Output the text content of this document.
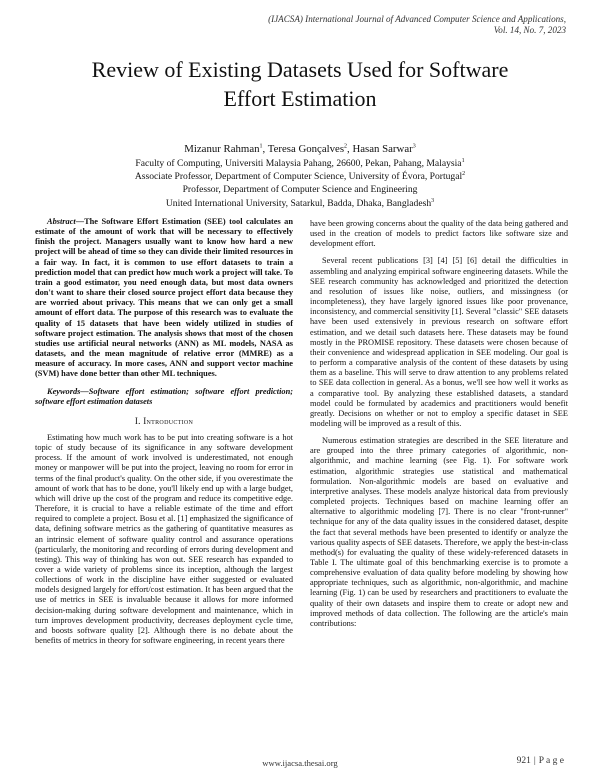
(IJACSA) International Journal of Advanced Computer Science and Applications,
Vol. 14, No. 7, 2023
Review of Existing Datasets Used for Software
Effort Estimation
Mizanur Rahman$^1$, Teresa Gonçalves$^2$, Hasan Sarwar$^3$
Faculty of Computing, Universiti Malaysia Pahang, 26600, Pekan, Pahang, Malaysia$^1$
Associate Professor, Department of Computer Science, University of Évora, Portugal$^2$
Professor, Department of Computer Science and Engineering
United International University, Satarkul, Badda, Dhaka, Bangladesh$^3$

Abstract—The Software Effort Estimation (SEE) tool calculates an estimate of the amount of work that will be necessary to effectively finish the project. Managers usually want to know how hard a new project will be ahead of time so they can divide their limited resources in a fair way. In fact, it is common to use effort datasets to train a prediction model that can predict how much work a project will take. To train a good estimator, you need enough data, but most data owners don't want to share their closed source project effort data because they are worried about privacy. This means that we can only get a small amount of effort data. The purpose of this research was to evaluate the quality of 15 datasets that have been widely utilized in studies of software project estimation. The analysis shows that most of the chosen studies use artificial neural networks (ANN) as ML models, NASA as datasets, and the mean magnitude of relative error (MMRE) as a measure of accuracy. In more cases, ANN and support vector machine (SVM) have done better than other ML techniques.

Keywords—Software effort estimation; software effort prediction; software effort estimation datasets

I. Introduction

Estimating how much work has to be put into creating software is a hot topic of study because of its significance in any software development process. If the amount of work involved is underestimated, not enough money or manpower will be put into the project, leaving no room for error in terms of the final product's quality. On the other side, if you overestimate the amount of work that has to be done, you'll likely end up with a large budget, which will drive up the cost of the program and reduce its competitive edge. Therefore, it is crucial to have a reliable estimate of the time and effort required to complete a project. Bosu et al. [1] emphasized the significance of data, defining software metrics as the gathering of quantitative measures as an intrinsic element of software quality control and assurance operations (particularly, the monitoring and recording of errors during development and testing). This way of thinking has won out. SEE research has expanded to cover a wide variety of problems since its inception, although the largest collections of work in the discipline have either suggested or evaluated models designed largely for effort/cost estimation. It has been argued that the use of metrics in SEE is invaluable because it allows for more informed decision-making during software development and maintenance, which in turn improves development productivity, decreases deployment cycle time, and boosts software quality [2]. Although there is no debate about the benefits of metrics in theory for software engineering, in recent years there

have been growing concerns about the quality of the data being gathered and used in the creation of models to predict factors like software size and development effort.

Several recent publications [3] [4] [5] [6] detail the difficulties in assembling and analyzing empirical software engineering datasets. While the SEE research community has acknowledged and prioritized the detection and resolution of issues like noise, outliers, and missingness (or incompleteness), they have largely ignored issues like poor provenance, inconsistency, and commercial sensitivity [1]. Several "classic" SEE datasets have been used extensively in previous research on software effort estimation, and we detail such datasets here. These datasets may be found mostly in the PROMISE repository. These datasets were chosen because of their convenience and widespread application in SEE modeling. Our goal is to perform a comparative analysis of the content of these datasets by using them as a baseline. This will serve to draw attention to any problems related to SEE data collection in general. As a bonus, we'll see how well it works as a comparative tool. By analyzing these established datasets, a standard model could be formulated by academics and practitioners would benefit greatly. Decisions on whether or not to employ a specific dataset in SEE modeling will be improved as a result of this.

Numerous estimation strategies are described in the SEE literature and are grouped into the three primary categories of algorithmic, non-algorithmic, and machine learning (see Fig. 1). For software work estimation, algorithmic strategies use statistical and mathematical formulation. Non-algorithmic models are based on evaluative and interpretive analyses. These models analyze historical data from previously completed projects. Techniques based on machine learning offer an alternative to algorithmic modeling [7]. There is no clear "front-runner" technique for any of the data quality issues in the considered dataset, despite the fact that several methods have been presented to identify or analyze the various quality aspects of SEE datasets. Therefore, we apply the best-in-class method(s) for evaluating the quality of these widely-referenced datasets in Table I. The ultimate goal of this benchmarking exercise is to promote a comprehensive evaluation of data quality before modeling by showing how appropriate techniques, such as algorithmic, non-algorithmic, and machine learning (Fig. 1) can be used by researchers and practitioners to evaluate the quality of their own datasets and inspire them to create or adopt new and improved methods of data collection. The following are the article's main contributions:

www.ijacsa.thesai.org	921 | P a g e
